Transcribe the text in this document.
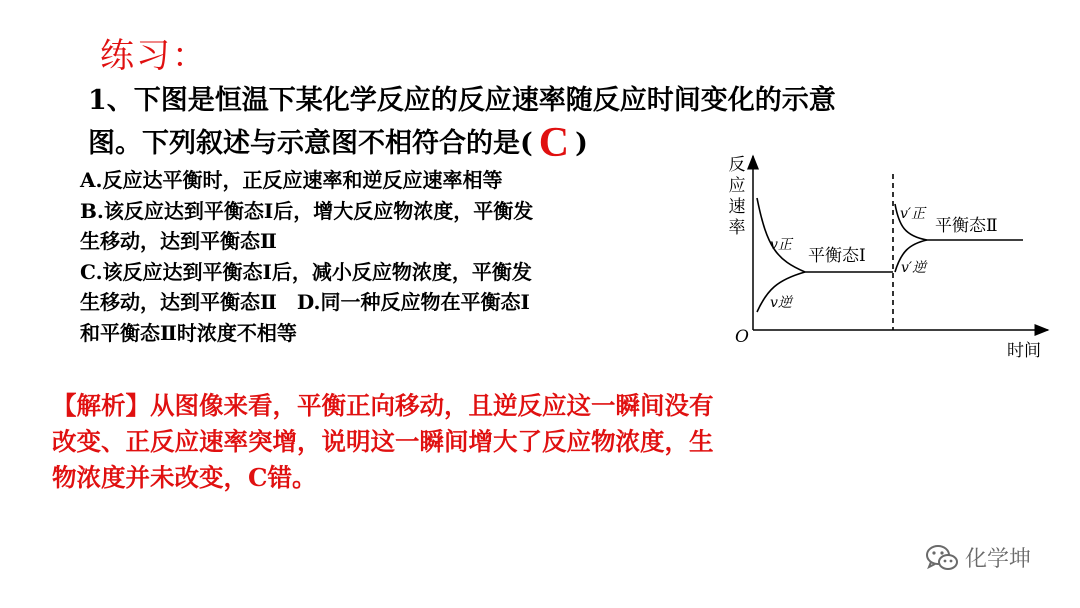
练习：
1、下图是恒温下某化学反应的反应速率随反应时间变化的示意
图。下列叙述与示意图不相符合的是( C )
A.反应达平衡时，正反应速率和逆反应速率相等
B.该反应达到平衡态Ⅰ后，增大反应物浓度，平衡发
生移动，达到平衡态Ⅱ
C.该反应达到平衡态Ⅰ后，减小反应物浓度，平衡发
生移动，达到平衡态Ⅱ　D.同一种反应物在平衡态Ⅰ
和平衡态Ⅱ时浓度不相等
反应速率
O
时间
v正
v逆
v′正
v′逆
平衡态Ⅰ
平衡态Ⅱ
【解析】从图像来看，平衡正向移动，且逆反应这一瞬间没有
改变、正反应速率突增，说明这一瞬间增大了反应物浓度，生
物浓度并未改变，C错。
化学坤
